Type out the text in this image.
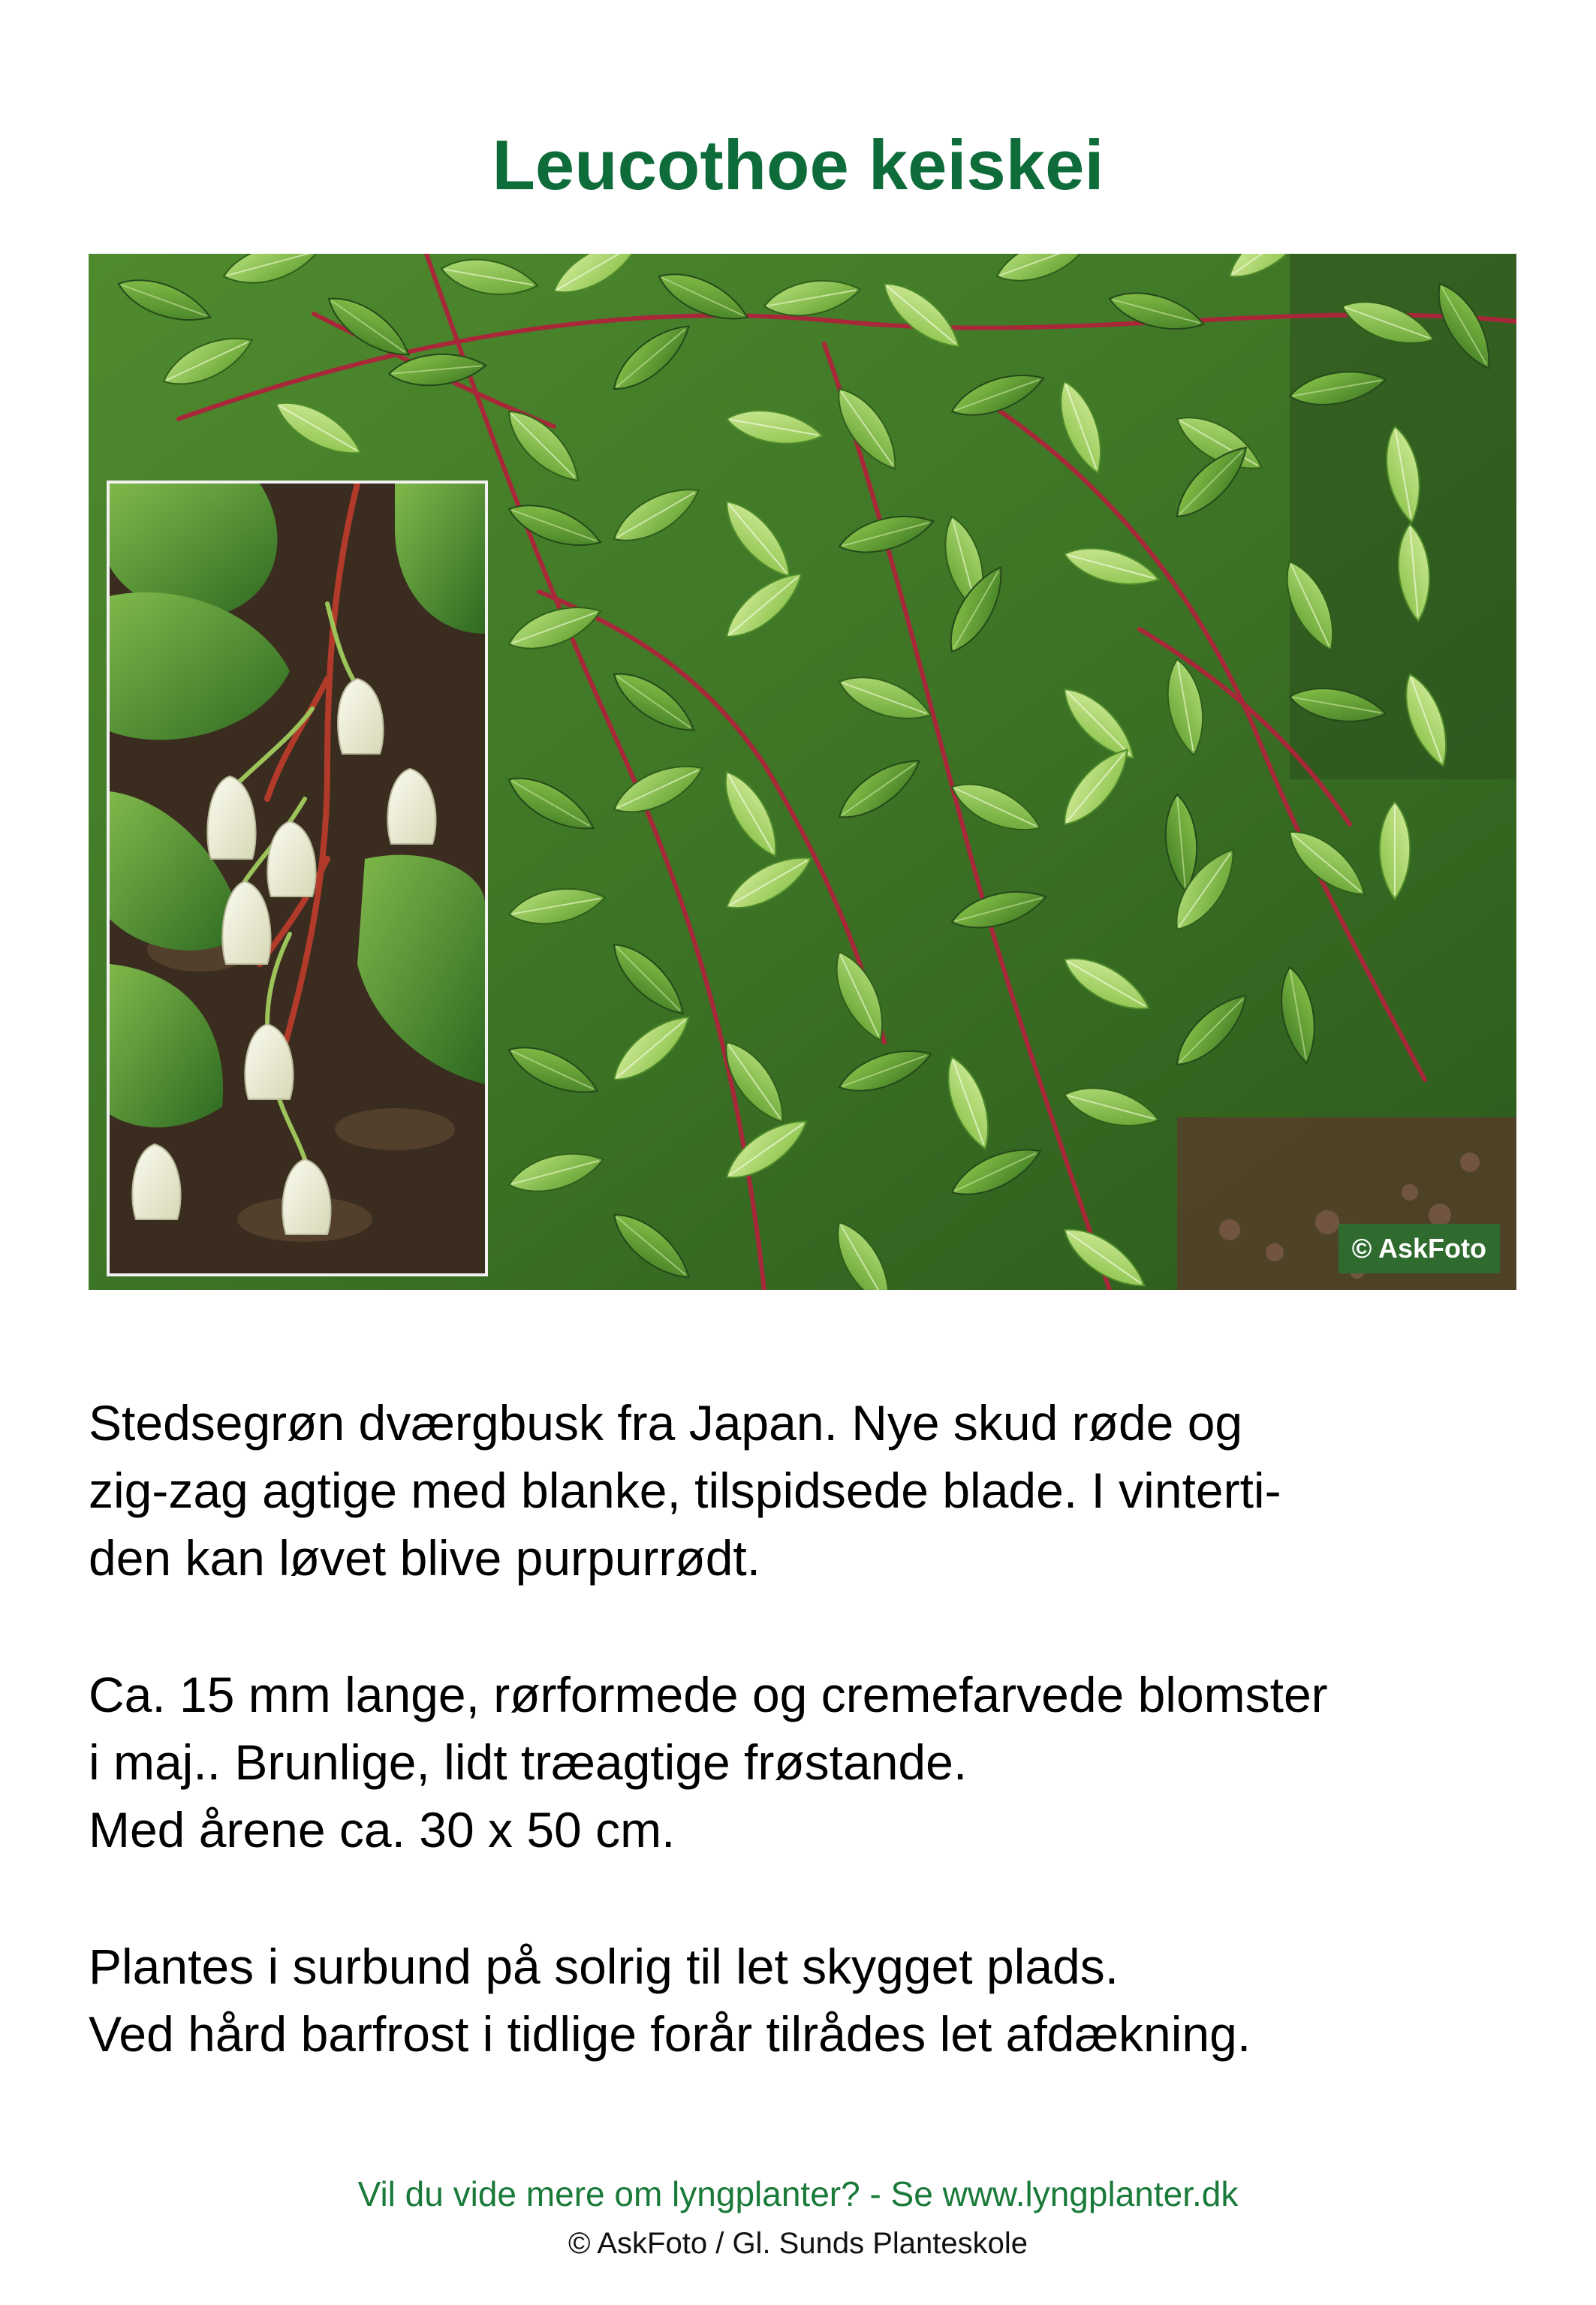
Leucothoe keiskei
© AskFoto

Stedsegrøn dværgbusk fra Japan. Nye skud røde og
zig-zag agtige med blanke, tilspidsede blade. I vinterti-
den kan løvet blive purpurrødt.

Ca. 15 mm lange, rørformede og cremefarvede blomster
i maj.. Brunlige, lidt træagtige frøstande.
Med årene ca. 30 x 50 cm.

Plantes i surbund på solrig til let skygget plads.
Ved hård barfrost i tidlige forår tilrådes let afdækning.

Vil du vide mere om lyngplanter? - Se www.lyngplanter.dk
© AskFoto / Gl. Sunds Planteskole
